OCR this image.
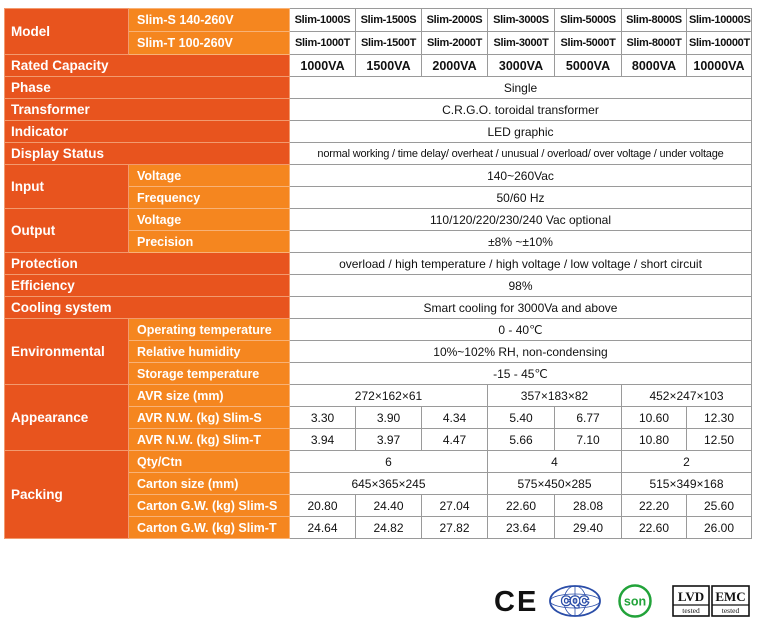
Model	Slim-S 140-260V	Slim-1000S	Slim-1500S	Slim-2000S	Slim-3000S	Slim-5000S	Slim-8000S	Slim-10000S
	Slim-T 100-260V	Slim-1000T	Slim-1500T	Slim-2000T	Slim-3000T	Slim-5000T	Slim-8000T	Slim-10000T
Rated Capacity		1000VA	1500VA	2000VA	3000VA	5000VA	8000VA	10000VA
Phase		Single						
Transformer		C.R.G.O. toroidal transformer						
Indicator		LED graphic						
Display Status		normal working / time delay/ overheat / unusual / overload/ over voltage / under voltage						
Input	Voltage	140~260Vac						
	Frequency	50/60 Hz						
Output	Voltage	110/120/220/230/240 Vac optional						
	Precision	±8% ~±10%						
Protection		overload / high temperature / high voltage / low voltage / short circuit						
Efficiency		98%						
Cooling system		Smart cooling for 3000Va and above						
Environmental	Operating temperature	0 - 40℃						
	Relative humidity	10%~102% RH, non-condensing						
	Storage temperature	-15 - 45℃						
Appearance	AVR size (mm)	272×162×61			357×183×82		452×247×103	
	AVR N.W. (kg) Slim-S	3.30	3.90	4.34	5.40	6.77	10.60	12.30
	AVR N.W. (kg) Slim-T	3.94	3.97	4.47	5.66	7.10	10.80	12.50
Packing	Qty/Ctn	6			4		2	
	Carton size (mm)	645×365×245			575×450×285		515×349×168	
	Carton G.W. (kg) Slim-S	20.80	24.40	27.04	22.60	28.08	22.20	25.60
	Carton G.W. (kg) Slim-T	24.64	24.82	27.82	23.64	29.40	22.60	26.00
CE CQC	son LVD EMC
tested	tested
